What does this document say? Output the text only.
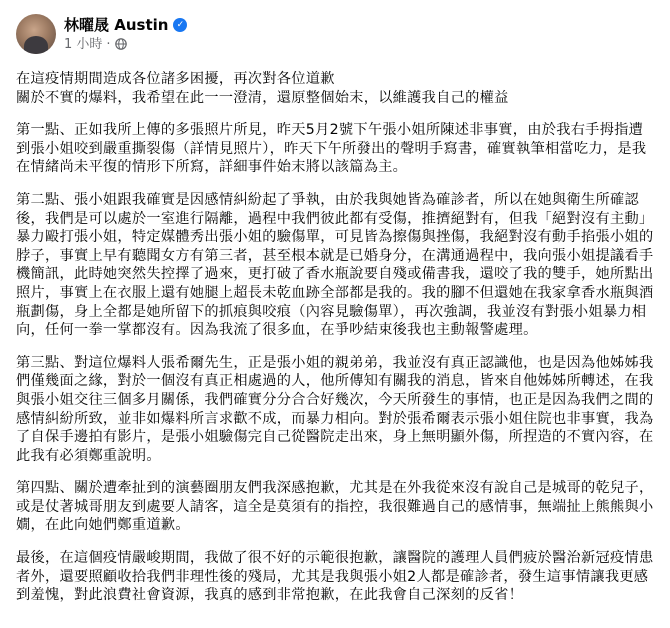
林曜晟 Austin ✓
1 小時 ·

在這疫情期間造成各位諸多困擾，再次對各位道歉
關於不實的爆料，我希望在此一一澄清，還原整個始末，以維護我自己的權益

第一點、正如我所上傳的多張照片所見，昨天5月2號下午張小姐所陳述非事實，由於我右手拇指遭到張小姐咬到嚴重撕裂傷（詳情見照片），昨天下午所發出的聲明手寫書，確實執筆相當吃力，是我在情緒尚未平復的情形下所寫，詳細事件始末將以該篇為主。

第二點、張小姐跟我確實是因感情糾紛起了爭執，由於我與她皆為確診者，所以在她與衛生所確認後，我們是可以處於一室進行隔離，過程中我們彼此都有受傷，推擠絕對有，但我「絕對沒有主動」暴力毆打張小姐，特定媒體秀出張小姐的驗傷單，可見皆為擦傷與挫傷，我絕對沒有動手掐張小姐的脖子，事實上早有聽聞女方有第三者，甚至根本就是已婚身分，在溝通過程中，我向張小姐提議看手機簡訊，此時她突然失控擇了過來，更打破了香水瓶說要自殘或備書我，還咬了我的雙手，她所點出照片，事實上在衣服上還有她腿上超長未乾血跡全部都是我的。我的腳不但還她在我家拿香水瓶與酒瓶劃傷，身上全都是她所留下的抓痕與咬痕（內容見驗傷單），再次強調，我並沒有對張小姐暴力相向，任何一拳一掌都沒有。因為我流了很多血，在爭吵結束後我也主動報警處理。

第三點、對這位爆料人張希爾先生，正是張小姐的親弟弟，我並沒有真正認識他，也是因為他姊姊我們僅幾面之緣，對於一個沒有真正相處過的人，他所傳知有關我的消息，皆來自他姊姊所轉述，在我與張小姐交往三個多月關係，我們確實分分合合好幾次，今天所發生的事情，也正是因為我們之間的感情糾紛所致，並非如爆料所言求歡不成，而暴力相向。對於張希爾表示張小姐住院也非事實，我為了自保手邊拍有影片，是張小姐驗傷完自己從醫院走出來，身上無明顯外傷，所捏造的不實內容，在此我有必須鄭重說明。

第四點、關於遭牽扯到的演藝圈朋友們我深感抱歉，尤其是在外我從來沒有說自己是城哥的乾兒子，或是仗著城哥朋友到處要人請客，這全是莫須有的指控，我很難過自己的感情事，無端扯上熊熊與小嫺，在此向她們鄭重道歉。

最後，在這個疫情嚴峻期間，我做了很不好的示範很抱歉，讓醫院的護理人員們疲於醫治新冠疫情患者外，還要照顧收拾我們非理性後的殘局，尤其是我與張小姐2人都是確診者，發生這事情讓我更感到羞愧，對此浪費社會資源，我真的感到非常抱歉，在此我會自己深刻的反省！
